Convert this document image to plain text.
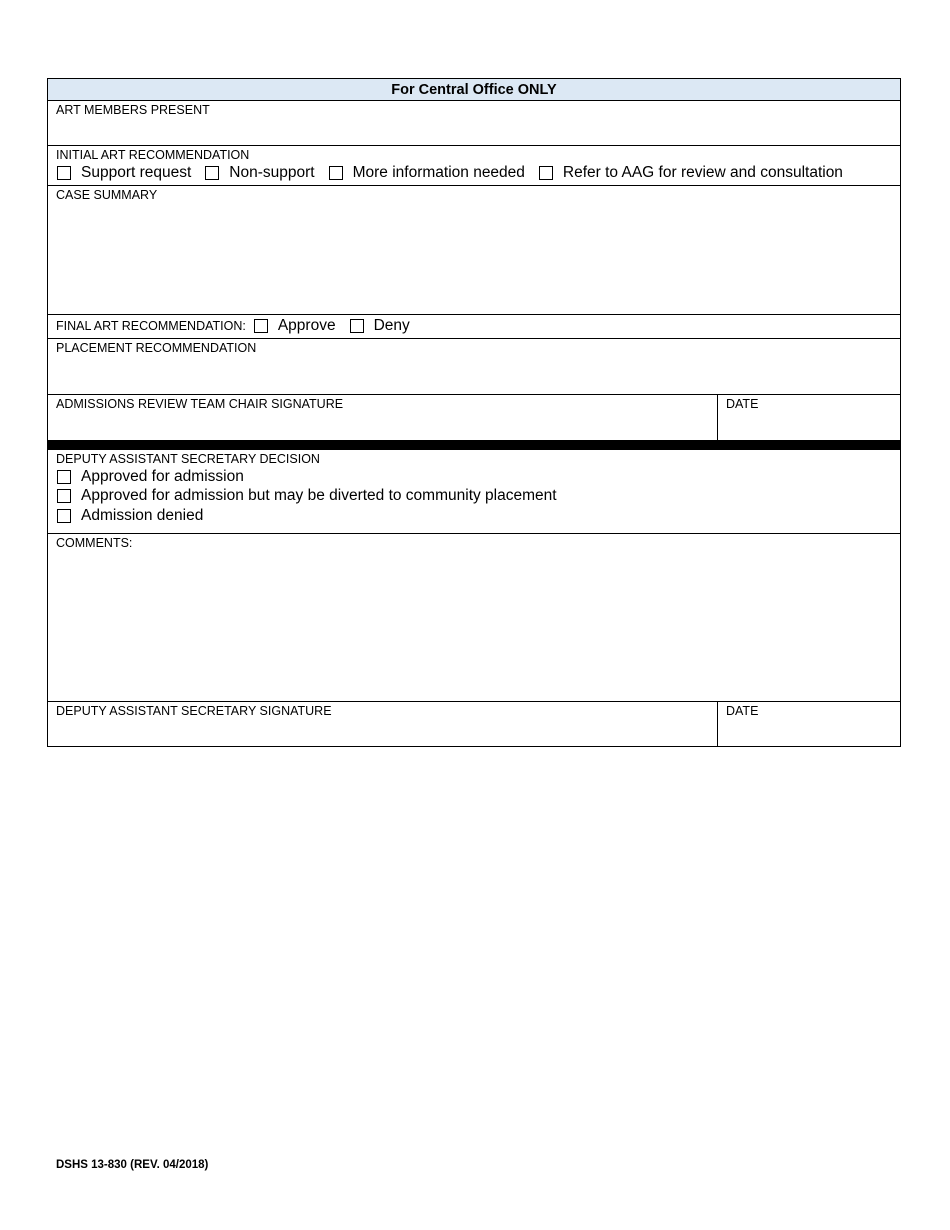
For Central Office ONLY
ART MEMBERS PRESENT
INITIAL ART RECOMMENDATION
Support request Non-support More information needed Refer to AAG for review and consultation
CASE SUMMARY
FINAL ART RECOMMENDATION: Approve Deny
PLACEMENT RECOMMENDATION
ADMISSIONS REVIEW TEAM CHAIR SIGNATURE	DATE
DEPUTY ASSISTANT SECRETARY DECISION
Approved for admission
Approved for admission but may be diverted to community placement
Admission denied
COMMENTS:
DEPUTY ASSISTANT SECRETARY SIGNATURE	DATE
DSHS 13-830 (REV. 04/2018)
